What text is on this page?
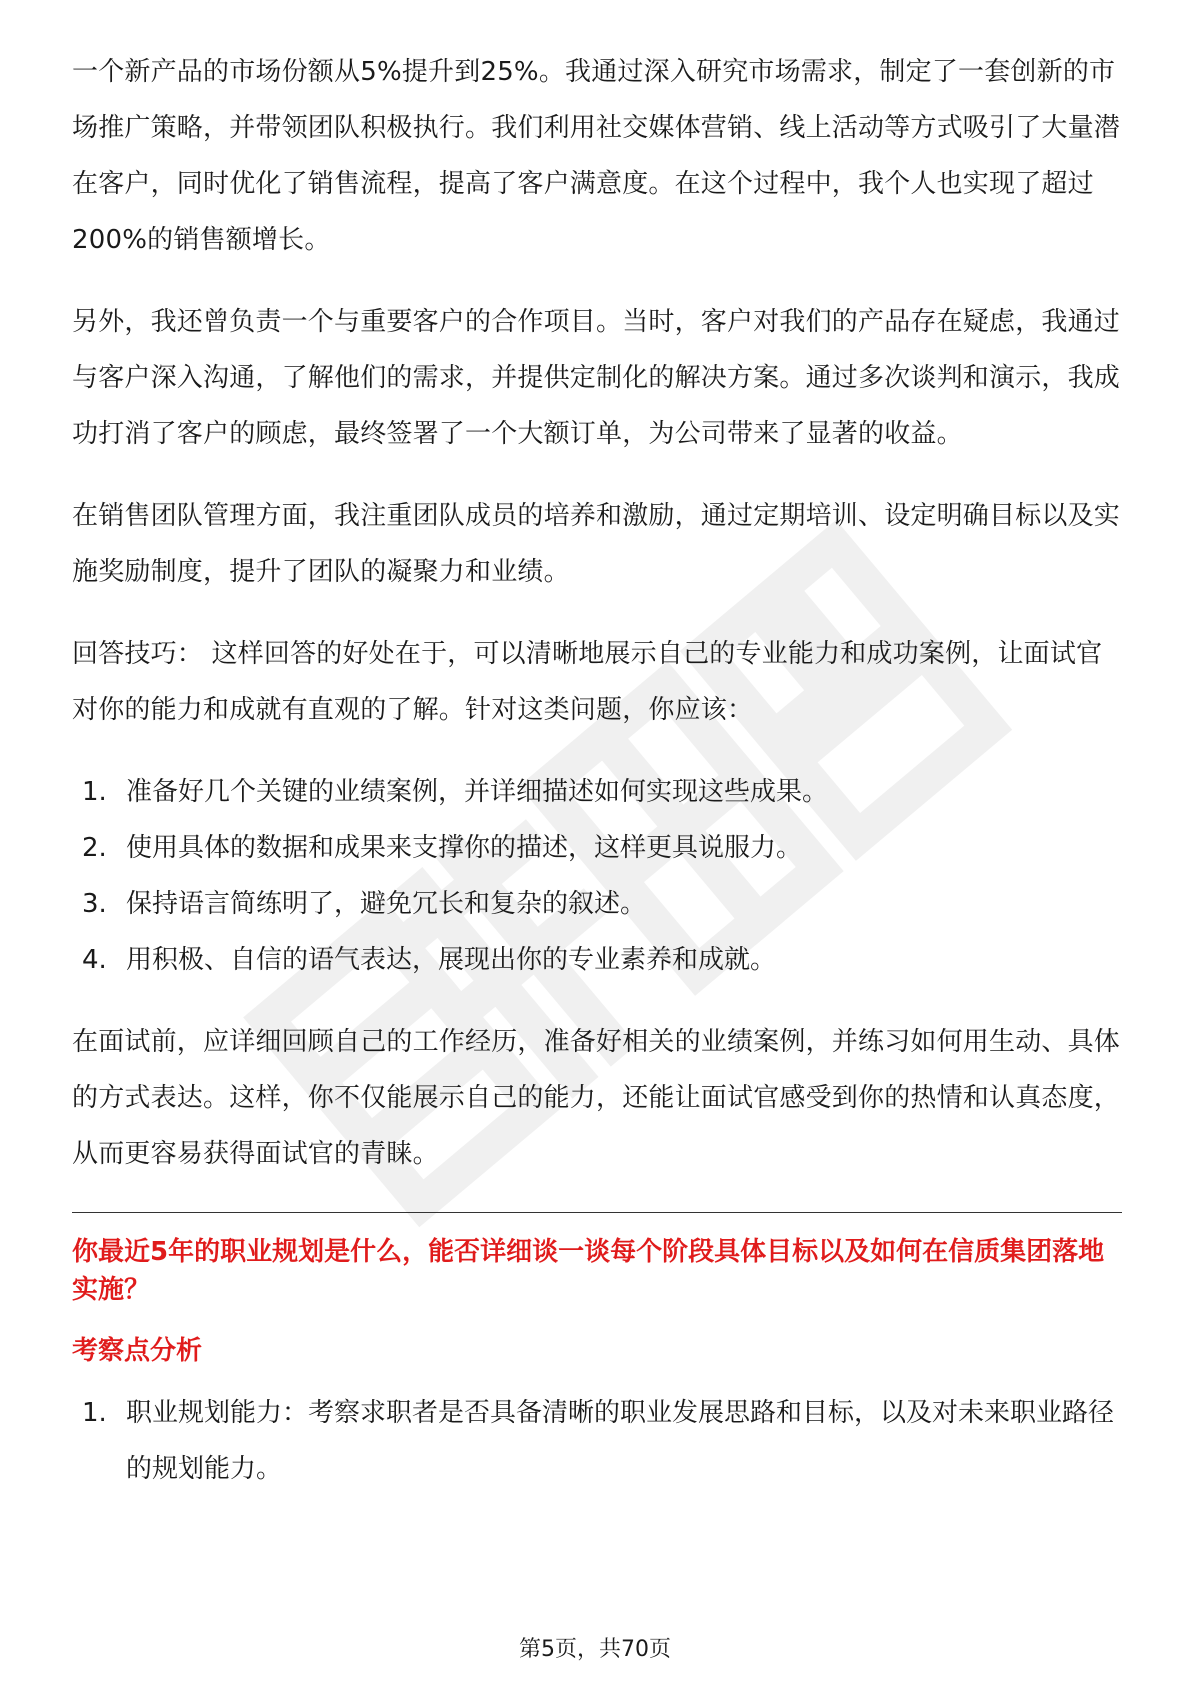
一个新产品的市场份额从5%提升到25%。我通过深入研究市场需求，制定了一套创新的市场推广策略，并带领团队积极执行。我们利用社交媒体营销、线上活动等方式吸引了大量潜在客户，同时优化了销售流程，提高了客户满意度。在这个过程中，我个人也实现了超过200%的销售额增长。

另外，我还曾负责一个与重要客户的合作项目。当时，客户对我们的产品存在疑虑，我通过与客户深入沟通，了解他们的需求，并提供定制化的解决方案。通过多次谈判和演示，我成功打消了客户的顾虑，最终签署了一个大额订单，为公司带来了显著的收益。

在销售团队管理方面，我注重团队成员的培养和激励，通过定期培训、设定明确目标以及实施奖励制度，提升了团队的凝聚力和业绩。

回答技巧： 这样回答的好处在于，可以清晰地展示自己的专业能力和成功案例，让面试官对你的能力和成就有直观的了解。针对这类问题，你应该：

1. 准备好几个关键的业绩案例，并详细描述如何实现这些成果。
2. 使用具体的数据和成果来支撑你的描述，这样更具说服力。
3. 保持语言简练明了，避免冗长和复杂的叙述。
4. 用积极、自信的语气表达，展现出你的专业素养和成就。

在面试前，应详细回顾自己的工作经历，准备好相关的业绩案例，并练习如何用生动、具体的方式表达。这样，你不仅能展示自己的能力，还能让面试官感受到你的热情和认真态度，从而更容易获得面试官的青睐。

你最近5年的职业规划是什么，能否详细谈一谈每个阶段具体目标以及如何在信质集团落地实施？

考察点分析

1. 职业规划能力：考察求职者是否具备清晰的职业发展思路和目标，以及对未来职业路径的规划能力。
第5页，共70页
